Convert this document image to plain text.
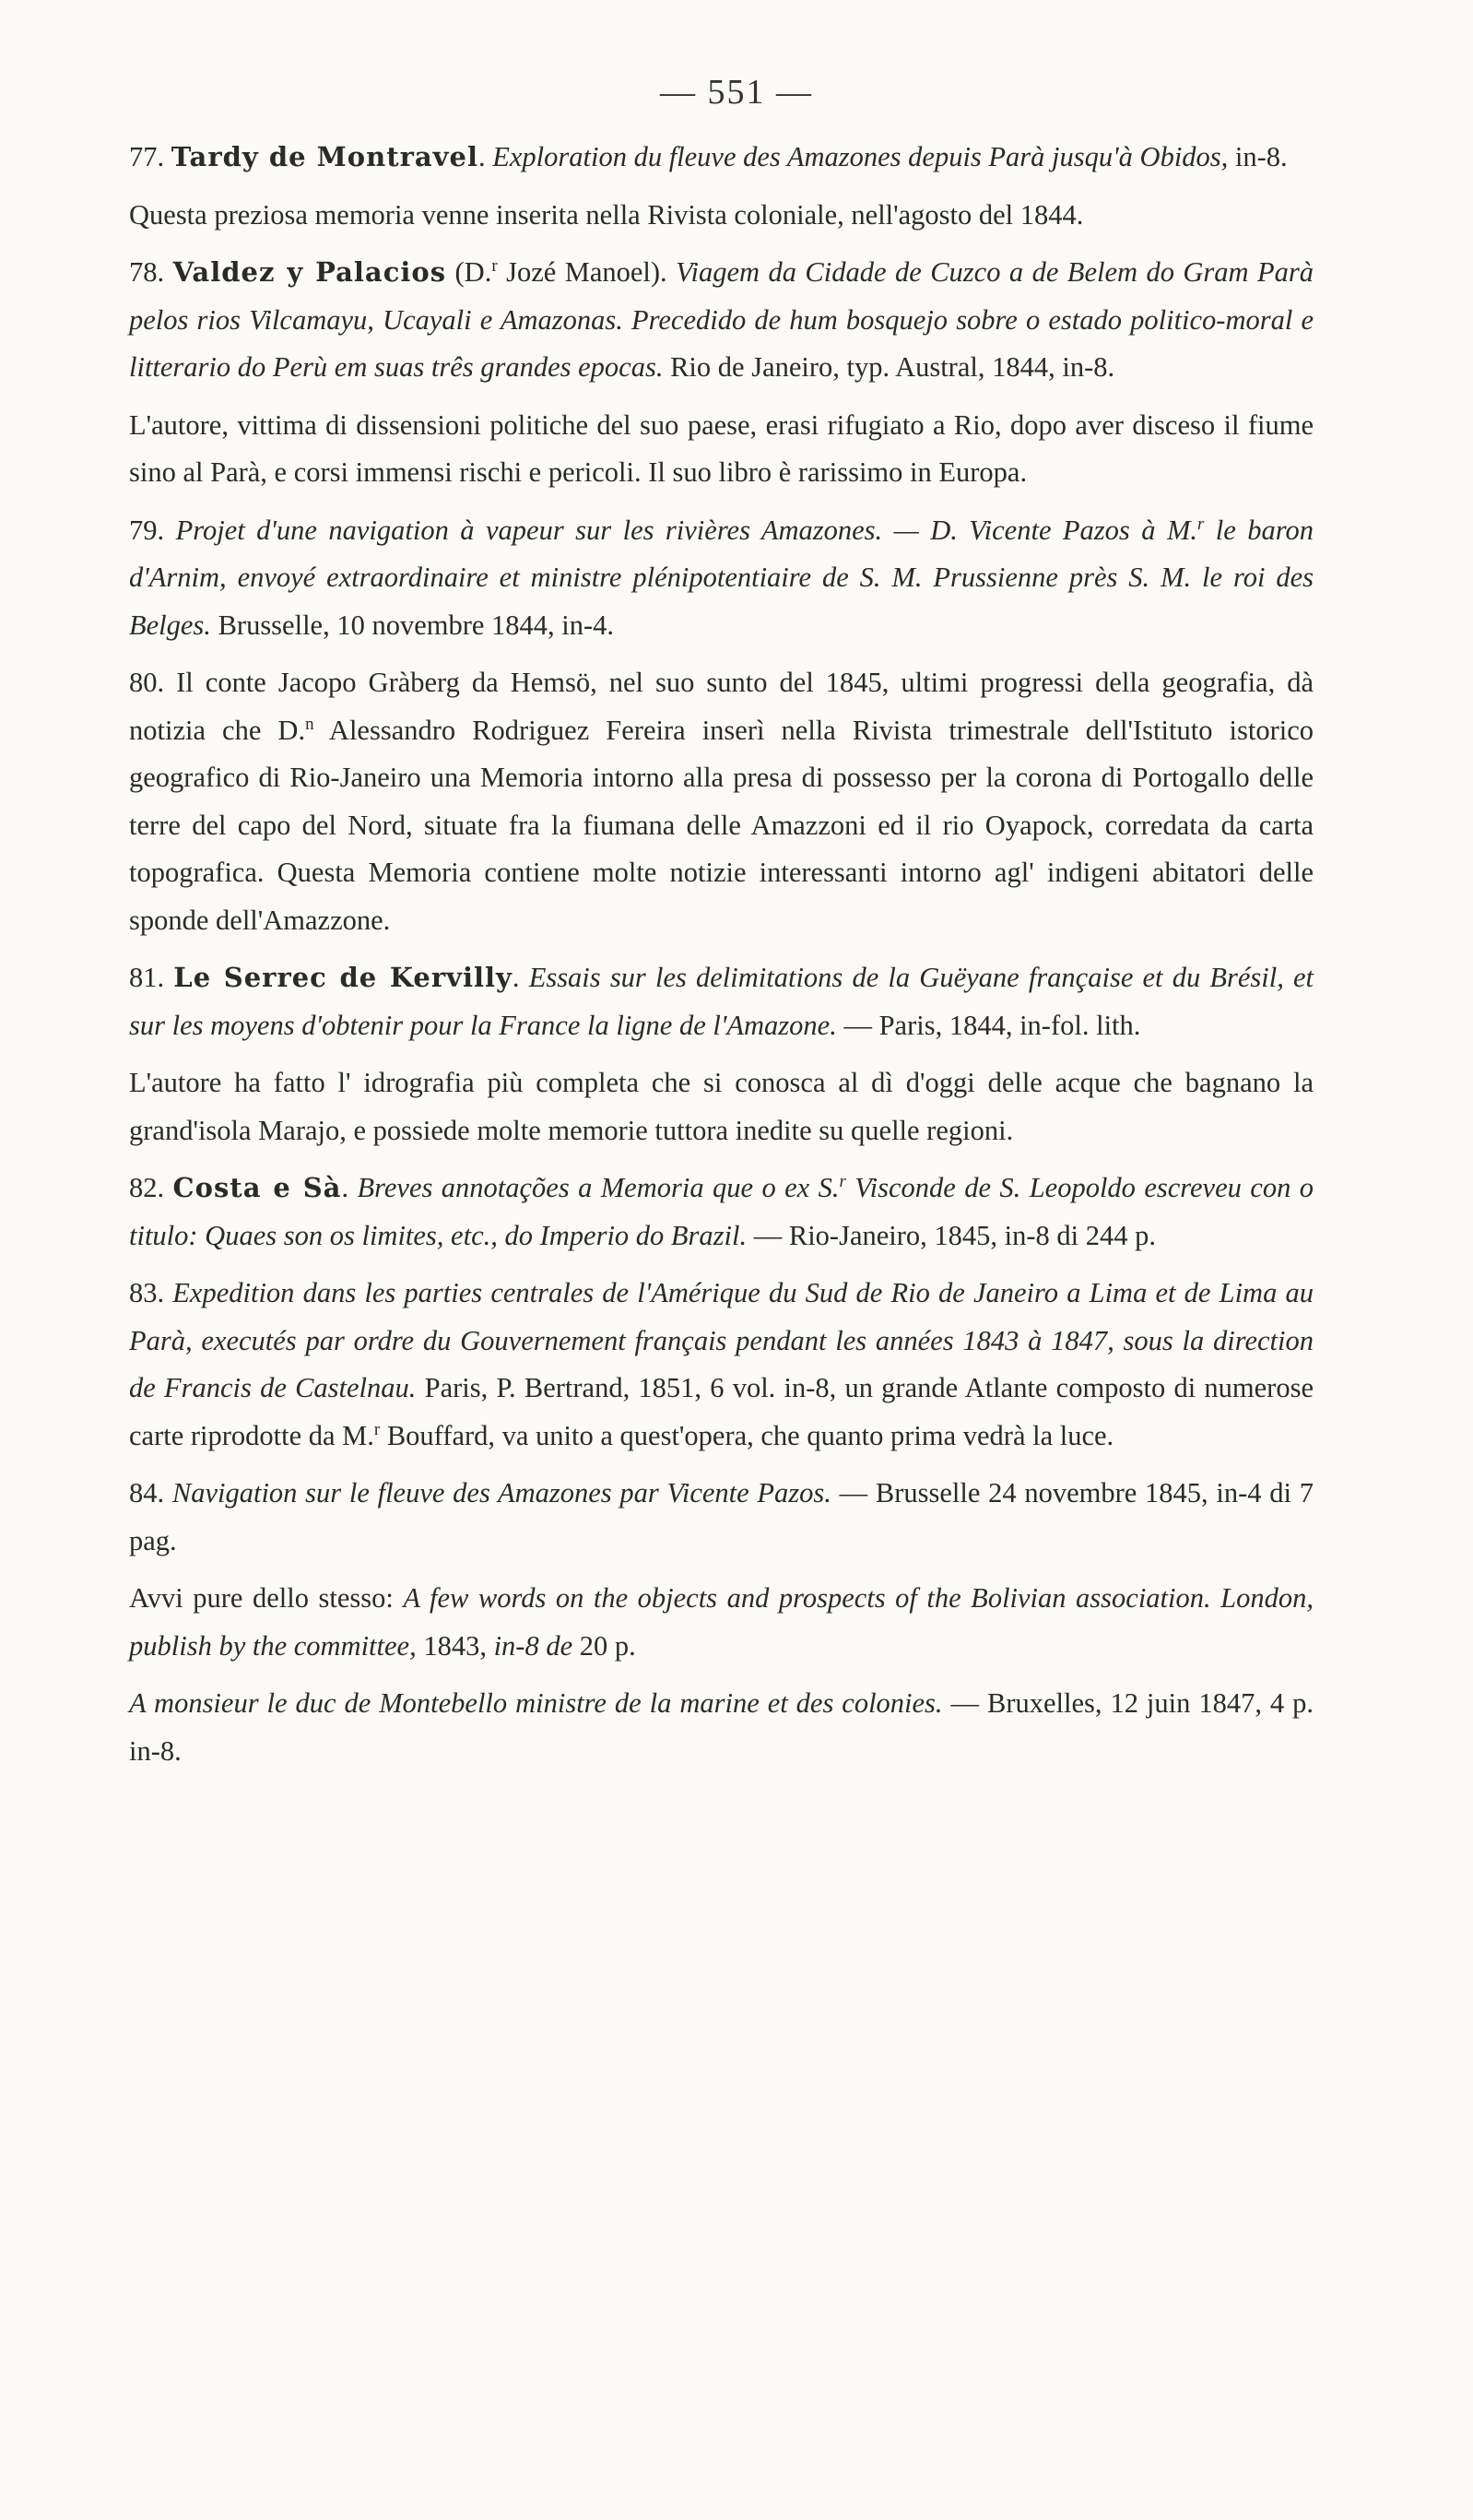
— 551 —

77. Tardy de Montravel. Exploration du fleuve des Amazones depuis Parà jusqu'à Obidos, in-8.

Questa preziosa memoria venne inserita nella Rivista coloniale, nell'agosto del 1844.

78. Valdez y Palacios (D.$^r$ Jozé Manoel). Viagem da Cidade de Cuzco a de Belem do Gram Parà pelos rios Vilcamayu, Ucayali e Amazonas. Precedido de hum bosquejo sobre o estado politico-moral e litterario do Perù em suas três grandes epocas. Rio de Janeiro, typ. Austral, 1844, in-8.

L'autore, vittima di dissensioni politiche del suo paese, erasi rifugiato a Rio, dopo aver disceso il fiume sino al Parà, e corsi immensi rischi e pericoli. Il suo libro è rarissimo in Europa.

79. Projet d'une navigation à vapeur sur les rivières Amazones. — D. Vicente Pazos à M.$^r$ le baron d'Arnim, envoyé extraordinaire et ministre plénipotentiaire de S. M. Prussienne près S. M. le roi des Belges. Brusselle, 10 novembre 1844, in-4.

80. Il conte Jacopo Gràberg da Hemsö, nel suo sunto del 1845, ultimi progressi della geografia, dà notizia che D.$^n$ Alessandro Rodriguez Fereira inserì nella Rivista trimestrale dell'Istituto istorico geografico di Rio-Janeiro una Memoria intorno alla presa di possesso per la corona di Portogallo delle terre del capo del Nord, situate fra la fiumana delle Amazzoni ed il rio Oyapock, corredata da carta topografica. Questa Memoria contiene molte notizie interessanti intorno agl' indigeni abitatori delle sponde dell'Amazzone.

81. Le Serrec de Kervilly. Essais sur les delimitations de la Guëyane française et du Brésil, et sur les moyens d'obtenir pour la France la ligne de l'Amazone. — Paris, 1844, in-fol. lith.

L'autore ha fatto l' idrografia più completa che si conosca al dì d'oggi delle acque che bagnano la grand'isola Marajo, e possiede molte memorie tuttora inedite su quelle regioni.

82. Costa e Sà. Breves annotações a Memoria que o ex S.$^r$ Visconde de S. Leopoldo escreveu con o titulo: Quaes son os limites, etc., do Imperio do Brazil. — Rio-Janeiro, 1845, in-8 di 244 p.

83. Expedition dans les parties centrales de l'Amérique du Sud de Rio de Janeiro a Lima et de Lima au Parà, executés par ordre du Gouvernement français pendant les années 1843 à 1847, sous la direction de Francis de Castelnau. Paris, P. Bertrand, 1851, 6 vol. in-8, un grande Atlante composto di numerose carte riprodotte da M.$^r$ Bouffard, va unito a quest'opera, che quanto prima vedrà la luce.

84. Navigation sur le fleuve des Amazones par Vicente Pazos. — Brusselle 24 novembre 1845, in-4 di 7 pag.

Avvi pure dello stesso: A few words on the objects and prospects of the Bolivian association. London, publish by the committee, 1843, in-8 de 20 p.

A monsieur le duc de Montebello ministre de la marine et des colonies. — Bruxelles, 12 juin 1847, 4 p. in-8.
